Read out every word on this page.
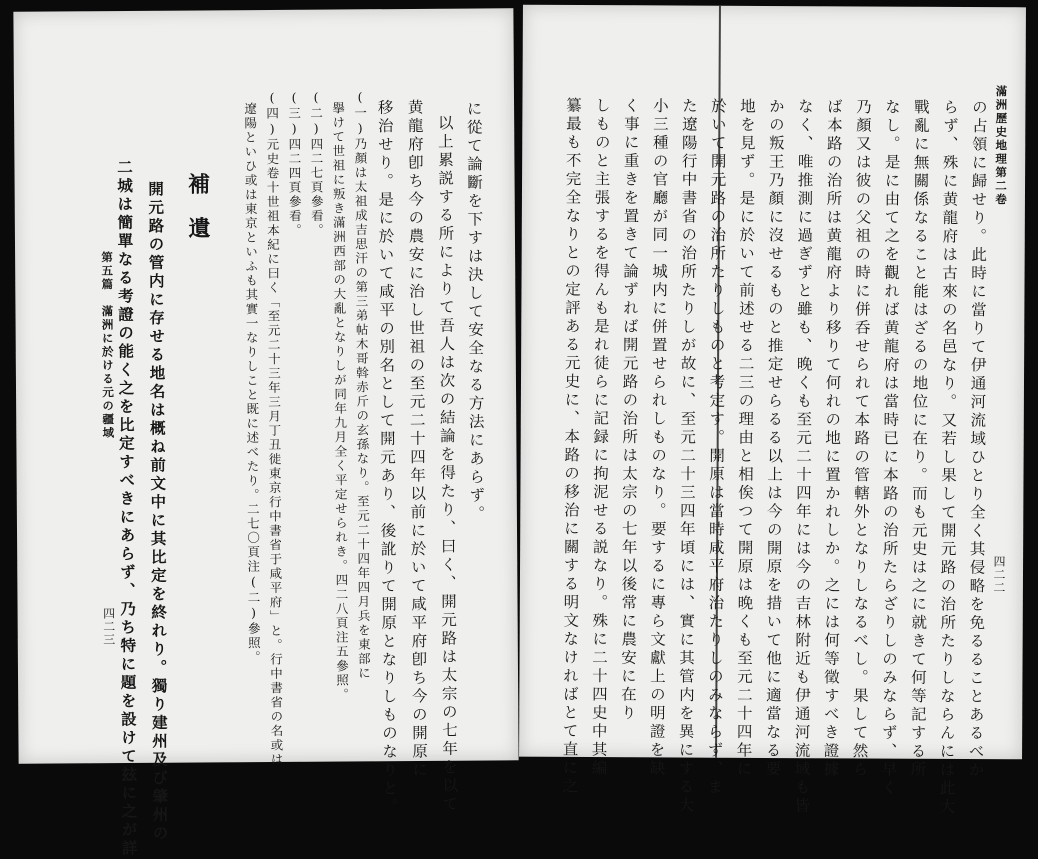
四二三
第五篇　滿洲に於ける元の疆域 二城は簡單なる考證の能く之を比定すべきにあらず、乃ち特に題を設けて玆に之が詳 開元路の管内に存せる地名は概ね前文中に其比定を終れり。獨り建州及び肇州の 補遺	遼陽といひ或は東京といふも其實一なりしこと既に述べたり。二七〇頁注(二)參照。 (四)元史卷十世祖本紀に曰く「至元二十三年三月丁丑徙東京行中書省于咸平府」と。行中書省の名或は (三)四二四頁參看。 (二)四二七頁參看。 擧けて世祖に叛き滿洲西部の大亂となりしが同年九月全く平定せられき。四二八頁注五參照。 (一)乃顏は太祖成吉思汗の第三弟帖木哥斡赤斤の玄孫なり。至元二十四年四月兵を東部に 移治せり。是に於いて咸平の別名として開元あり、後訛りて開原となりしものなりと。 黄龍府卽ち今の農安に治し世祖の至元二十四年以前に於いて咸平府卽ち今の開原に 以上累説する所によりて吾人は次の結論を得たり、曰く、開元路は太宗の七年を以て に從て論斷を下すは決して安全なる方法にあらず。	纂最も不完全なりとの定評ある元史に、本路の移治に關する明文なければとて直に之 しものと主張するを得んも是れ徒らに記録に拘泥せる説なり。殊に二十四史中其編 く事に重きを置きて論ずれば開元路の治所は太宗の七年以後常に農安に在り 小三種の官廳が同一城内に併置せられしものなり。要するに專ら文獻上の明證を缺 た遼陽行中書省の治所たりしが故に、至元二十三四年頃には、實に其管内を異にする大 於いて開元路の治所たりしものと考定す。開原は當時咸平府治たりしのみならず、ま 地を見ず。是に於いて前述せる二三の理由と相俟つて開原は晚くも至元二十四年に かの叛王乃顏に沒せるものと推定せらるる以上は今の開原を措いて他に適當なる要 なく、唯推測に過ぎずと雖も、晚くも至元二十四年には今の吉林附近も伊通河流域も皆 ば本路の治所は黄龍府より移りて何れの地に置かれしか。之には何等徵すべき證據 乃顏又は彼の父祖の時に併呑せられて本路の管轄外となりしなるべし。果して然ら なし。是に由て之を觀れば黄龍府は當時已に本路の治所たらざりしのみならず、早く 戰亂に無關係なること能はざるの地位に在り。而も元史は之に就きて何等記する所 らず、殊に黄龍府は古來の名邑なり。又若し果して開元路の治所たりしならんには此大 の占領に歸せり。此時に當りて伊通河流域ひとり全く其侵略を免るることあるべか 滿洲歷史地理第二卷
四二二
